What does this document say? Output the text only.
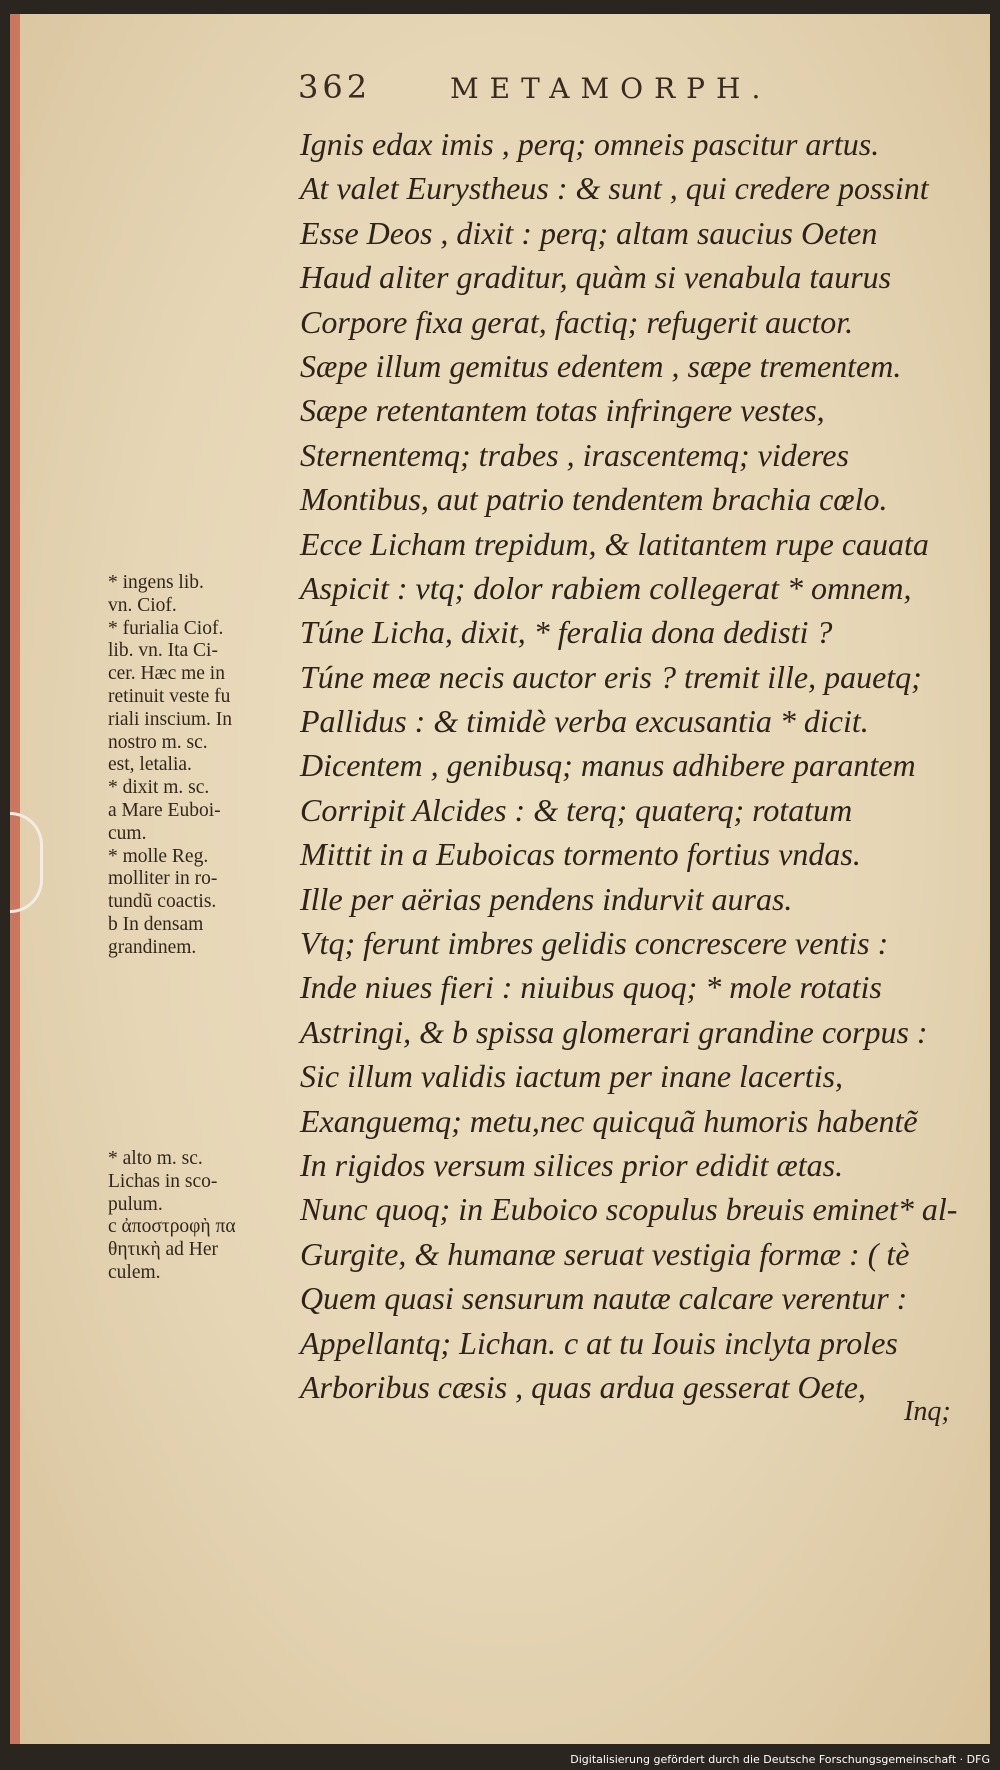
362	METAMORPH.
* ingens lib.
vn. Ciof.
* furialia Ciof.
lib. vn. Ita Ci-
cer. Hæc me in
retinuit veste fu
riali inscium. In
nostro m. sc.
est, letalia.
* dixit m. sc.
a Mare Euboi-
cum.
* molle Reg.
molliter in ro-
tundũ coactis.
b In densam
grandinem.
* alto m. sc.
Lichas in sco-
pulum.
c ἀποστροφὴ πα
θητικὴ ad Her
culem.
Ignis edax imis , perq; omneis pascitur artus.
At valet Eurystheus : & sunt , qui credere possint
Esse Deos , dixit : perq; altam saucius Oeten
Haud aliter graditur, quàm si venabula taurus
Corpore fixa gerat, factiq; refugerit auctor.
Sæpe illum gemitus edentem , sæpe trementem.
Sæpe retentantem totas infringere vestes,
Sternentemq; trabes , irascentemq; videres
Montibus, aut patrio tendentem brachia cœlo.
Ecce Licham trepidum, & latitantem rupe cauata
Aspicit : vtq; dolor rabiem collegerat * omnem,
Túne Licha, dixit, * feralia dona dedisti ?
Túne meæ necis auctor eris ? tremit ille, pauetq;
Pallidus : & timidè verba excusantia * dicit.
Dicentem , genibusq; manus adhibere parantem
Corripit Alcides : & terq; quaterq; rotatum
Mittit in a Euboicas tormento fortius vndas.
Ille per aërias pendens indurvit auras.
Vtq; ferunt imbres gelidis concrescere ventis :
Inde niues fieri : niuibus quoq; * mole rotatis
Astringi, & b spissa glomerari grandine corpus :
Sic illum validis iactum per inane lacertis,
Exanguemq; metu,nec quicquã humoris habentẽ
In rigidos versum silices prior edidit ætas.
Nunc quoq; in Euboico scopulus breuis eminet* al-
Gurgite, & humanæ seruat vestigia formæ : ( tè
Quem quasi sensurum nautæ calcare verentur :
Appellantq; Lichan. c at tu Iouis inclyta proles
Arboribus cæsis , quas ardua gesserat Oete,
Inq;
Digitalisierung gefördert durch die Deutsche Forschungsgemeinschaft · DFG
